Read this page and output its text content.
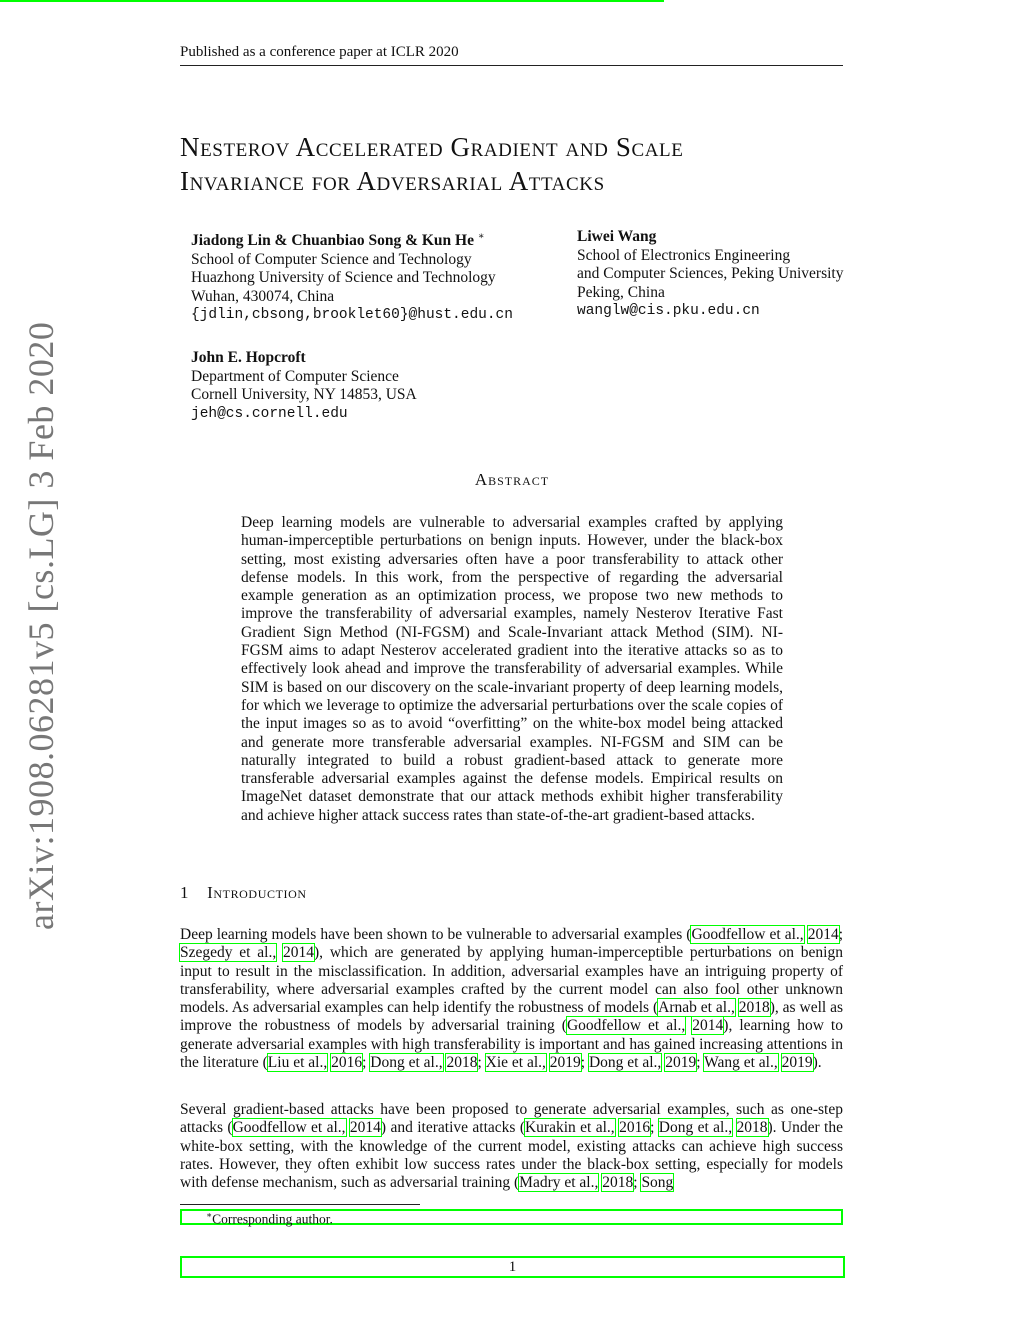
Published as a conference paper at ICLR 2020
arXiv:1908.06281v5 [cs.LG] 3 Feb 2020
Nesterov Accelerated Gradient and Scale
Invariance for Adversarial Attacks
Jiadong Lin & Chuanbiao Song & Kun He ∗
School of Computer Science and Technology
Huazhong University of Science and Technology
Wuhan, 430074, China
{jdlin,cbsong,brooklet60}@hust.edu.cn
Liwei Wang
School of Electronics Engineering
and Computer Sciences, Peking University
Peking, China
wanglw@cis.pku.edu.cn
John E. Hopcroft
Department of Computer Science
Cornell University, NY 14853, USA
jeh@cs.cornell.edu
Abstract
Deep learning models are vulnerable to adversarial examples crafted by applying human-imperceptible perturbations on benign inputs. However, under the black-box setting, most existing adversaries often have a poor transferability to attack other defense models. In this work, from the perspective of regarding the adversarial example generation as an optimization process, we propose two new methods to improve the transferability of adversarial examples, namely Nesterov Iterative Fast Gradient Sign Method (NI-FGSM) and Scale-Invariant attack Method (SIM). NI-FGSM aims to adapt Nesterov accelerated gradient into the iterative attacks so as to effectively look ahead and improve the transferability of adversarial examples. While SIM is based on our discovery on the scale-invariant property of deep learning models, for which we leverage to optimize the adversarial perturbations over the scale copies of the input images so as to avoid “overfitting” on the white-box model being attacked and generate more transferable adversarial examples. NI-FGSM and SIM can be naturally integrated to build a robust gradient-based attack to generate more transferable adversarial examples against the defense models. Empirical results on ImageNet dataset demonstrate that our attack methods exhibit higher transferability and achieve higher attack success rates than state-of-the-art gradient-based attacks.
1 Introduction
Deep learning models have been shown to be vulnerable to adversarial examples (Goodfellow et al., 2014; Szegedy et al., 2014), which are generated by applying human-imperceptible perturbations on benign input to result in the misclassification. In addition, adversarial examples have an intriguing property of transferability, where adversarial examples crafted by the current model can also fool other unknown models. As adversarial examples can help identify the robustness of models (Arnab et al., 2018), as well as improve the robustness of models by adversarial training (Goodfellow et al., 2014), learning how to generate adversarial examples with high transferability is important and has gained increasing attentions in the literature (Liu et al., 2016; Dong et al., 2018; Xie et al., 2019; Dong et al., 2019; Wang et al., 2019).
Several gradient-based attacks have been proposed to generate adversarial examples, such as one-step attacks (Goodfellow et al., 2014) and iterative attacks (Kurakin et al., 2016; Dong et al., 2018). Under the white-box setting, with the knowledge of the current model, existing attacks can achieve high success rates. However, they often exhibit low success rates under the black-box setting, especially for models with defense mechanism, such as adversarial training (Madry et al., 2018; Song
∗Corresponding author.
1
